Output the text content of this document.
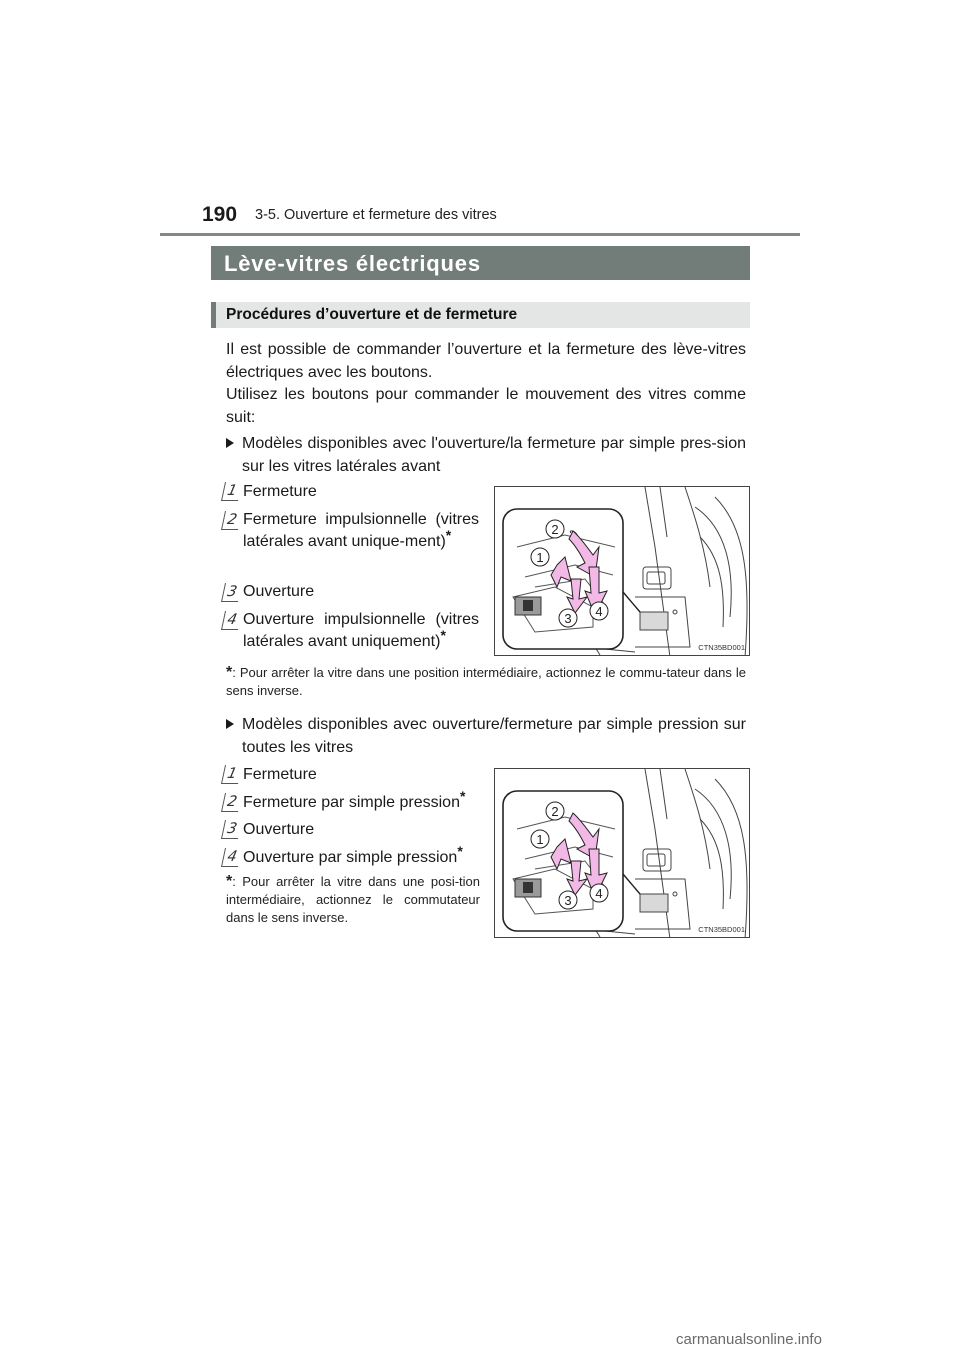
190 3-5. Ouverture et fermeture des vitres
Lève-vitres électriques
Procédures d’ouverture et de fermeture
Il est possible de commander l’ouverture et la fermeture des lève-vitres électriques avec les boutons.
Utilisez les boutons pour commander le mouvement des vitres comme suit:
Modèles disponibles avec l'ouverture/la fermeture par simple pres-sion sur les vitres latérales avant
1 Fermeture
2 Fermeture impulsionnelle (vitres latérales avant unique-ment)*
3 Ouverture
4 Ouverture impulsionnelle (vitres latérales avant uniquement)*
2
1
3 4
CTN35BD001
*: Pour arrêter la vitre dans une position intermédiaire, actionnez le commu-tateur dans le sens inverse.
Modèles disponibles avec ouverture/fermeture par simple pression sur toutes les vitres
1 Fermeture
2 Fermeture par simple pression*
3 Ouverture
4 Ouverture par simple pression*
*: Pour arrêter la vitre dans une posi-tion intermédiaire, actionnez le commutateur dans le sens inverse.
2
1
3 4
CTN35BD001
carmanualsonline.info
